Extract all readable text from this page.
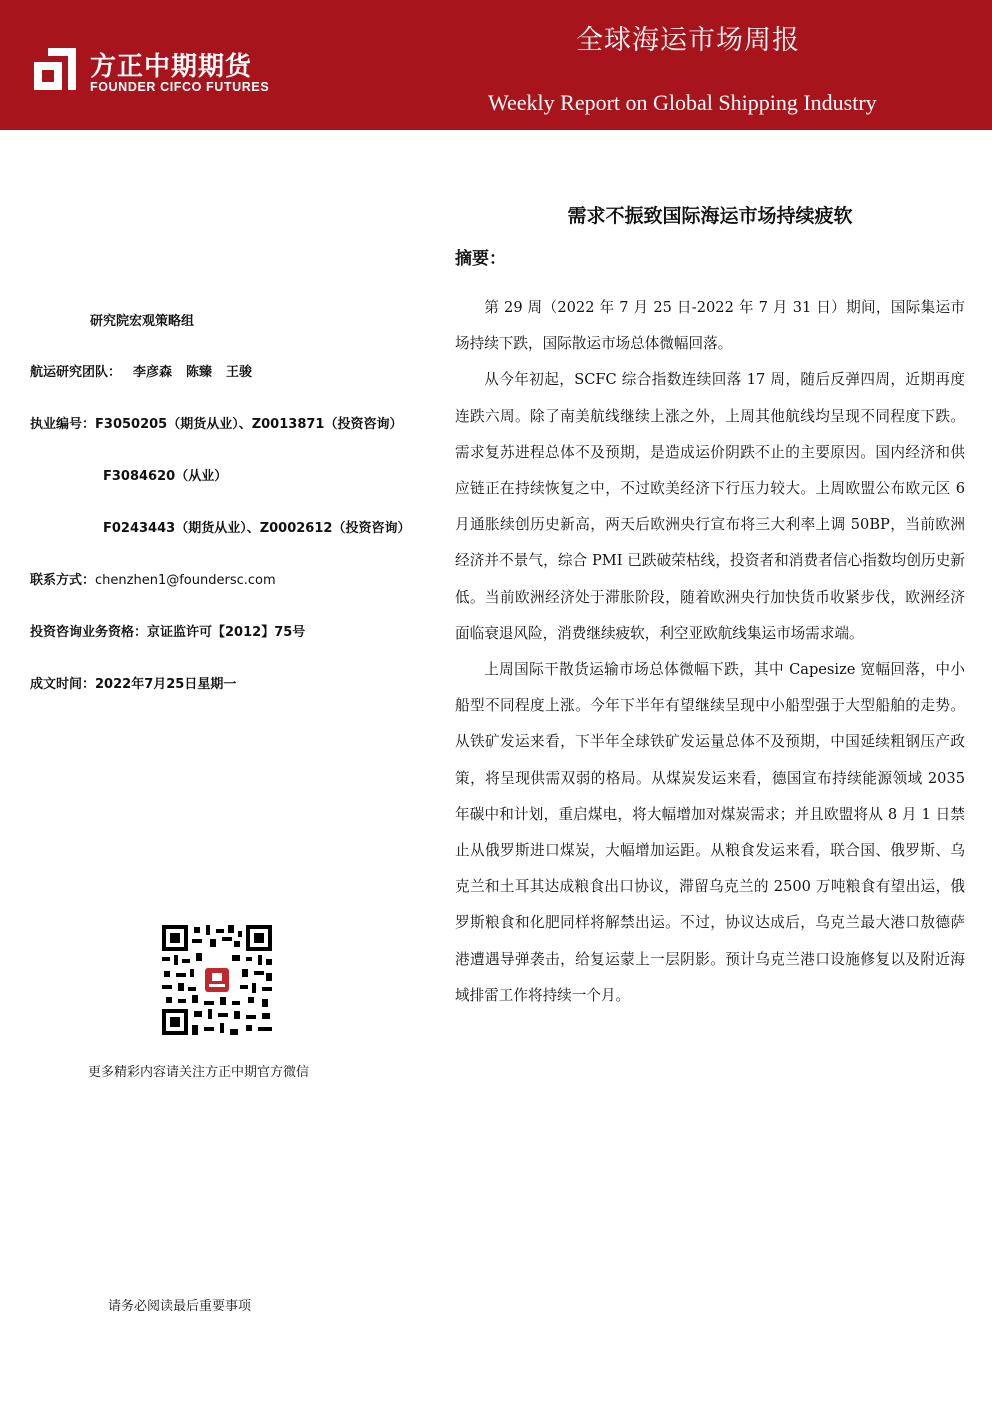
方正中期期货
FOUNDER CIFCO FUTURES
全球海运市场周报
Weekly Report on Global Shipping Industry
研究院宏观策略组
航运研究团队： 李彦森 陈臻 王骏
执业编号：F3050205（期货从业）、Z0013871（投资咨询）
F3084620（从业）
F0243443（期货从业）、Z0002612（投资咨询）
联系方式：chenzhen1@foundersc.com
投资咨询业务资格：京证监许可【2012】75号
成文时间：2022年7月25日星期一
更多精彩内容请关注方正中期官方微信
请务必阅读最后重要事项
需求不振致国际海运市场持续疲软
摘要：

第 29 周（2022 年 7 月 25 日-2022 年 7 月 31 日）期间，国际集运市场持续下跌，国际散运市场总体微幅回落。

从今年初起，SCFC 综合指数连续回落 17 周，随后反弹四周，近期再度连跌六周。除了南美航线继续上涨之外，上周其他航线均呈现不同程度下跌。需求复苏进程总体不及预期，是造成运价阴跌不止的主要原因。国内经济和供应链正在持续恢复之中，不过欧美经济下行压力较大。上周欧盟公布欧元区 6 月通胀续创历史新高，两天后欧洲央行宣布将三大利率上调 50BP，当前欧洲经济并不景气，综合 PMI 已跌破荣枯线，投资者和消费者信心指数均创历史新低。当前欧洲经济处于滞胀阶段，随着欧洲央行加快货币收紧步伐，欧洲经济面临衰退风险，消费继续疲软，利空亚欧航线集运市场需求端。

上周国际干散货运输市场总体微幅下跌，其中 Capesize 宽幅回落，中小船型不同程度上涨。今年下半年有望继续呈现中小船型强于大型船舶的走势。从铁矿发运来看，下半年全球铁矿发运量总体不及预期，中国延续粗钢压产政策，将呈现供需双弱的格局。从煤炭发运来看，德国宣布持续能源领域 2035 年碳中和计划，重启煤电，将大幅增加对煤炭需求；并且欧盟将从 8 月 1 日禁止从俄罗斯进口煤炭，大幅增加运距。从粮食发运来看，联合国、俄罗斯、乌克兰和土耳其达成粮食出口协议，滞留乌克兰的 2500 万吨粮食有望出运，俄罗斯粮食和化肥同样将解禁出运。不过，协议达成后，乌克兰最大港口敖德萨港遭遇导弹袭击，给复运蒙上一层阴影。预计乌克兰港口设施修复以及附近海域排雷工作将持续一个月。
